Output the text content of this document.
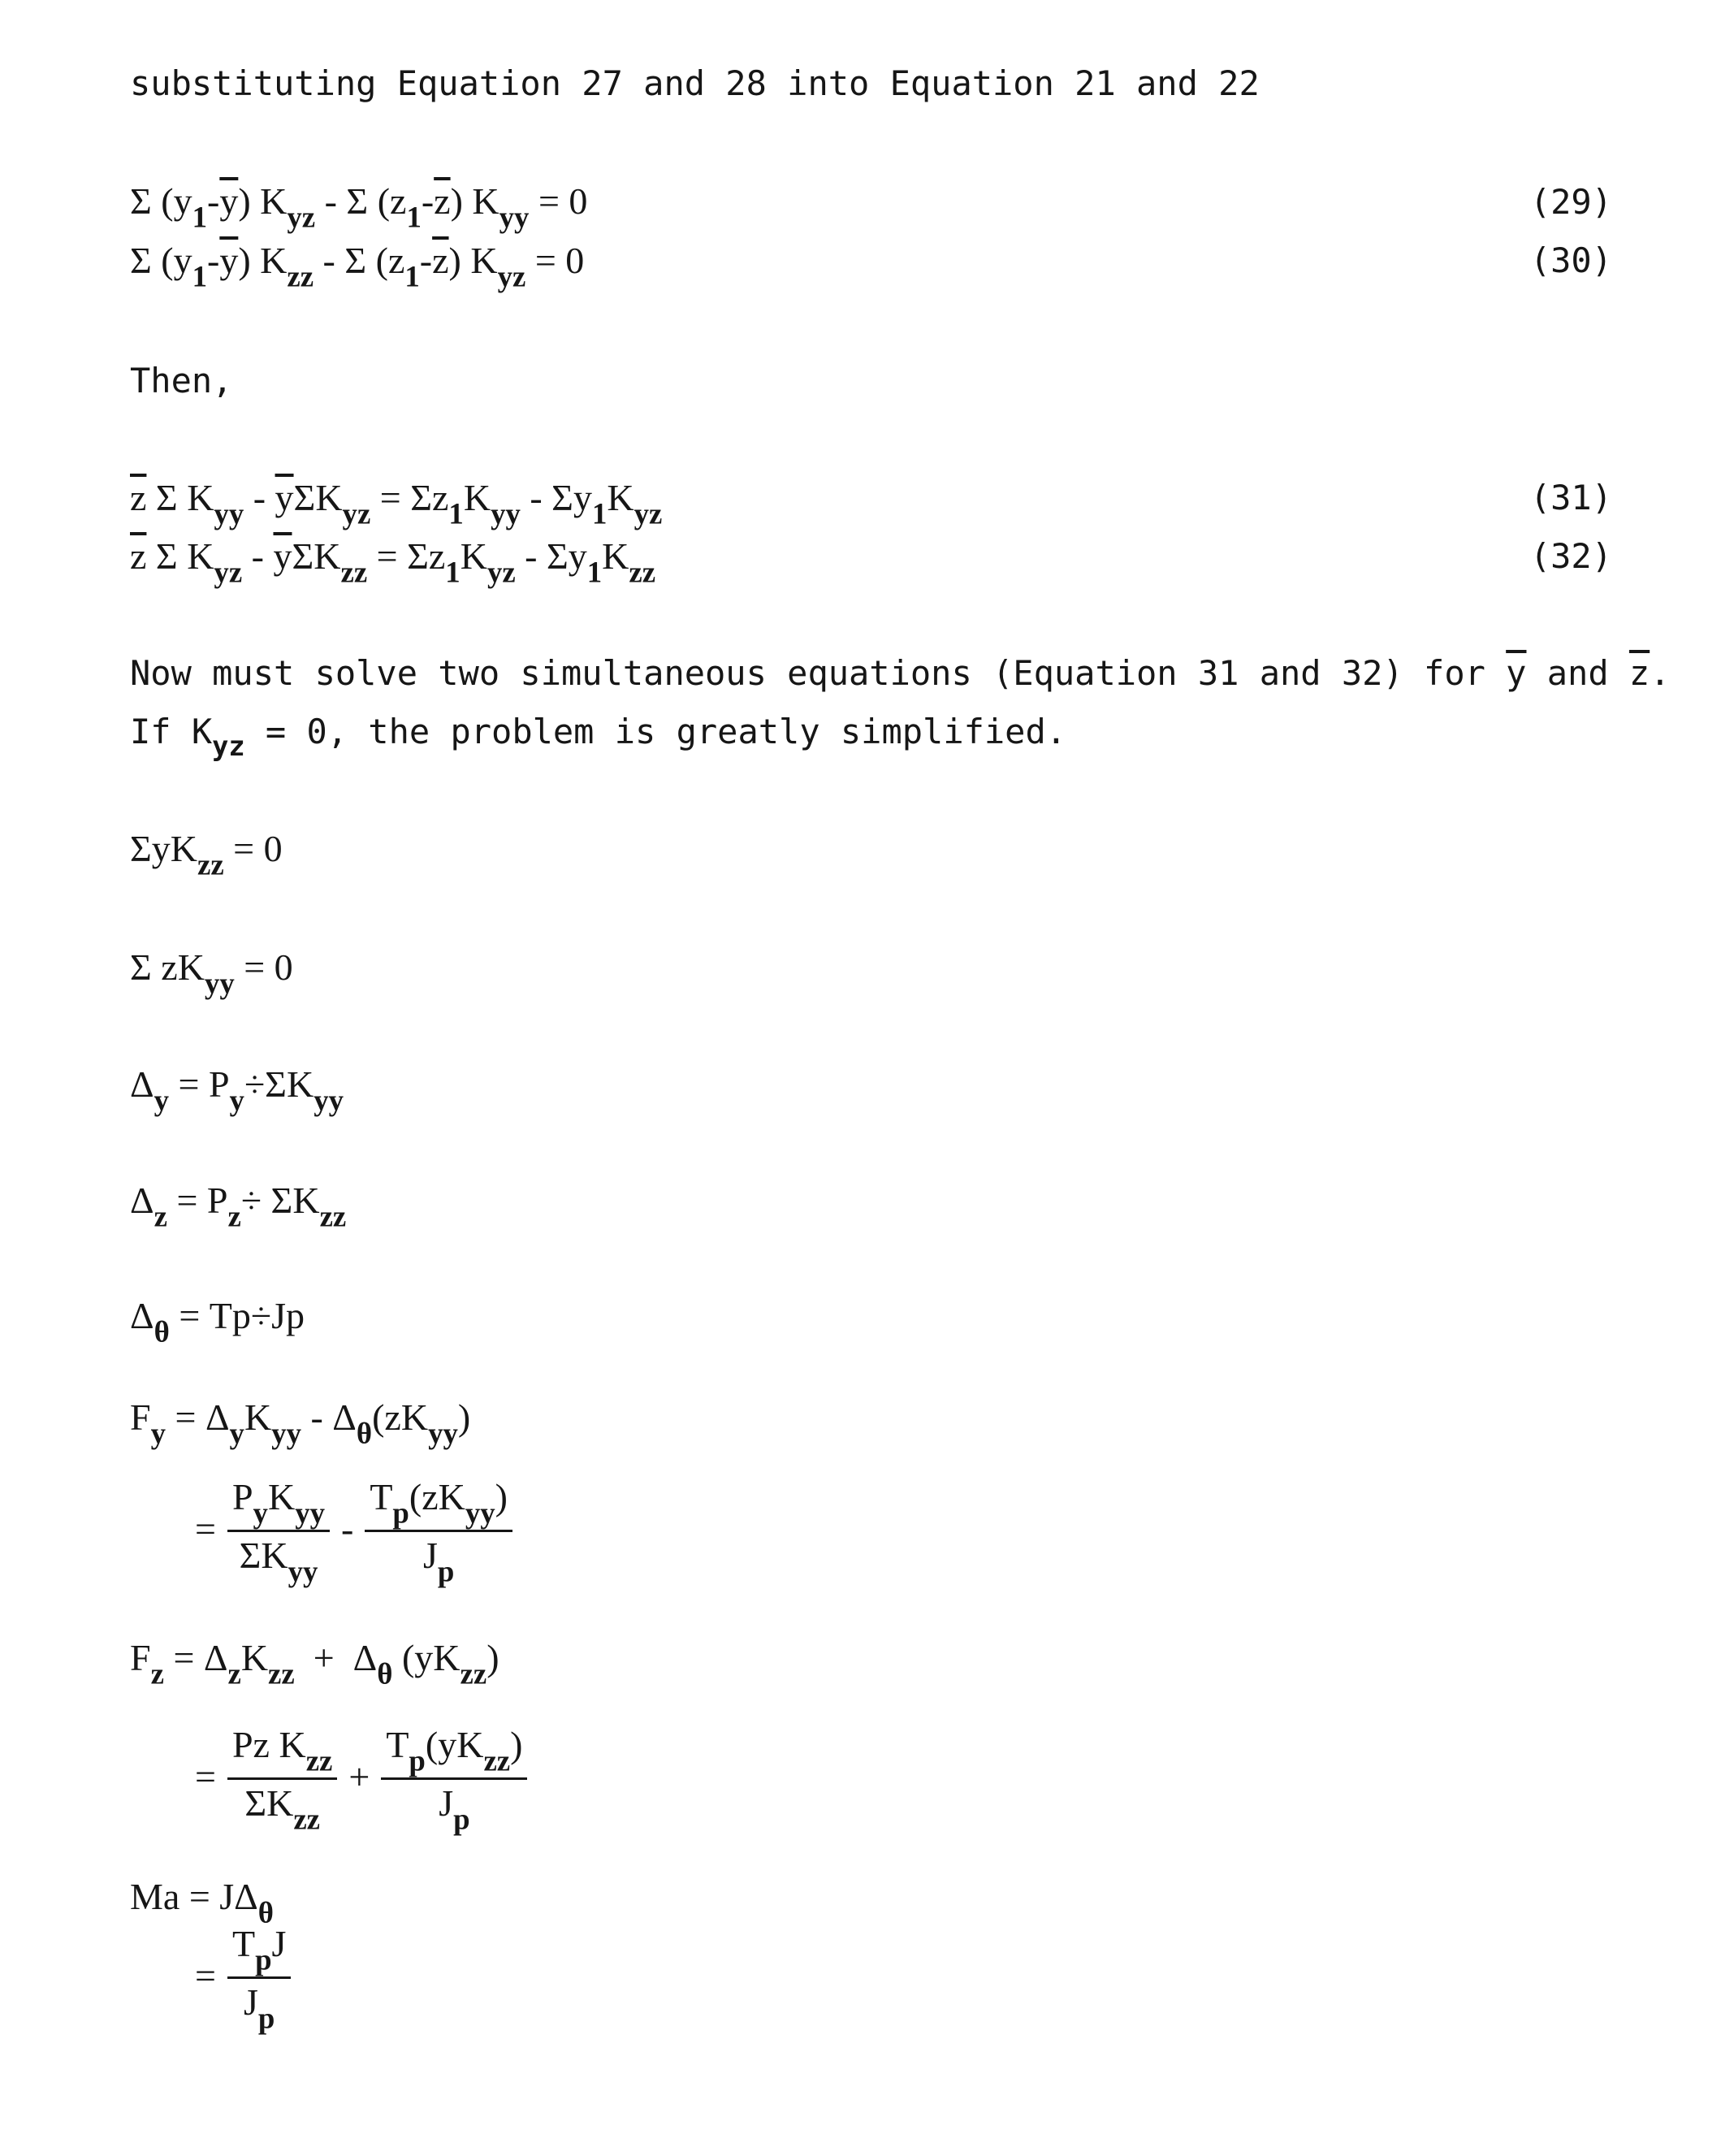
substituting Equation 27 and 28 into Equation 21 and 22
Σ $(y_1-\overline{y})$ $K_{yz}$ - Σ $(z_1-\overline{z}) K_{yy} = 0$	(29)
Σ $(y_1-\overline{y})$ $K_{zz}$ - Σ $(z_1-\overline{z}) K_{yz} = 0$	(30)
Then,
$\overline{z}$ Σ $K_{yy} - \overline{y}\Sigma K_{yz} = \Sigma z_1K_{yy} - \Sigma y_1K_{yz}$	(31)
$\overline{z}$ Σ $K_{yz} - \overline{y}\Sigma K_{zz} = \Sigma z_1K_{yz} - \Sigma y_1K_{zz}$	(32)
Now must solve two simultaneous equations (Equation 31 and 32) for $\overline{y}$ and $\overline{z}$.
If $K_{yz} = 0$, the problem is greatly simplified.
ΣyK$_{zz}$ = 0
Σ $zK_{yy} = 0$
$\Delta_y = P_y\div\Sigma K_{yy}$
$\Delta_z = P_z\div \Sigma K_{zz}$
$\Delta_\theta = Tp\div Jp$
$F_y = \Delta_yK_{yy} - \Delta_\theta(zK_{yy})$
= $\frac{P_yK_{yy}}{\Sigma K_{yy}} - \frac{T_p(zK_{yy})}{J_p}$
$F_z = \Delta_zK_{zz} + \Delta_\theta$ $(yK_{zz})$
= $\frac{Pz K_{zz}}{\Sigma K_{zz}} + \frac{T_p(yK_{zz})}{J_p}$
$Ma = J\Delta_\theta$
= $\frac{T_pJ}{J_p}$
